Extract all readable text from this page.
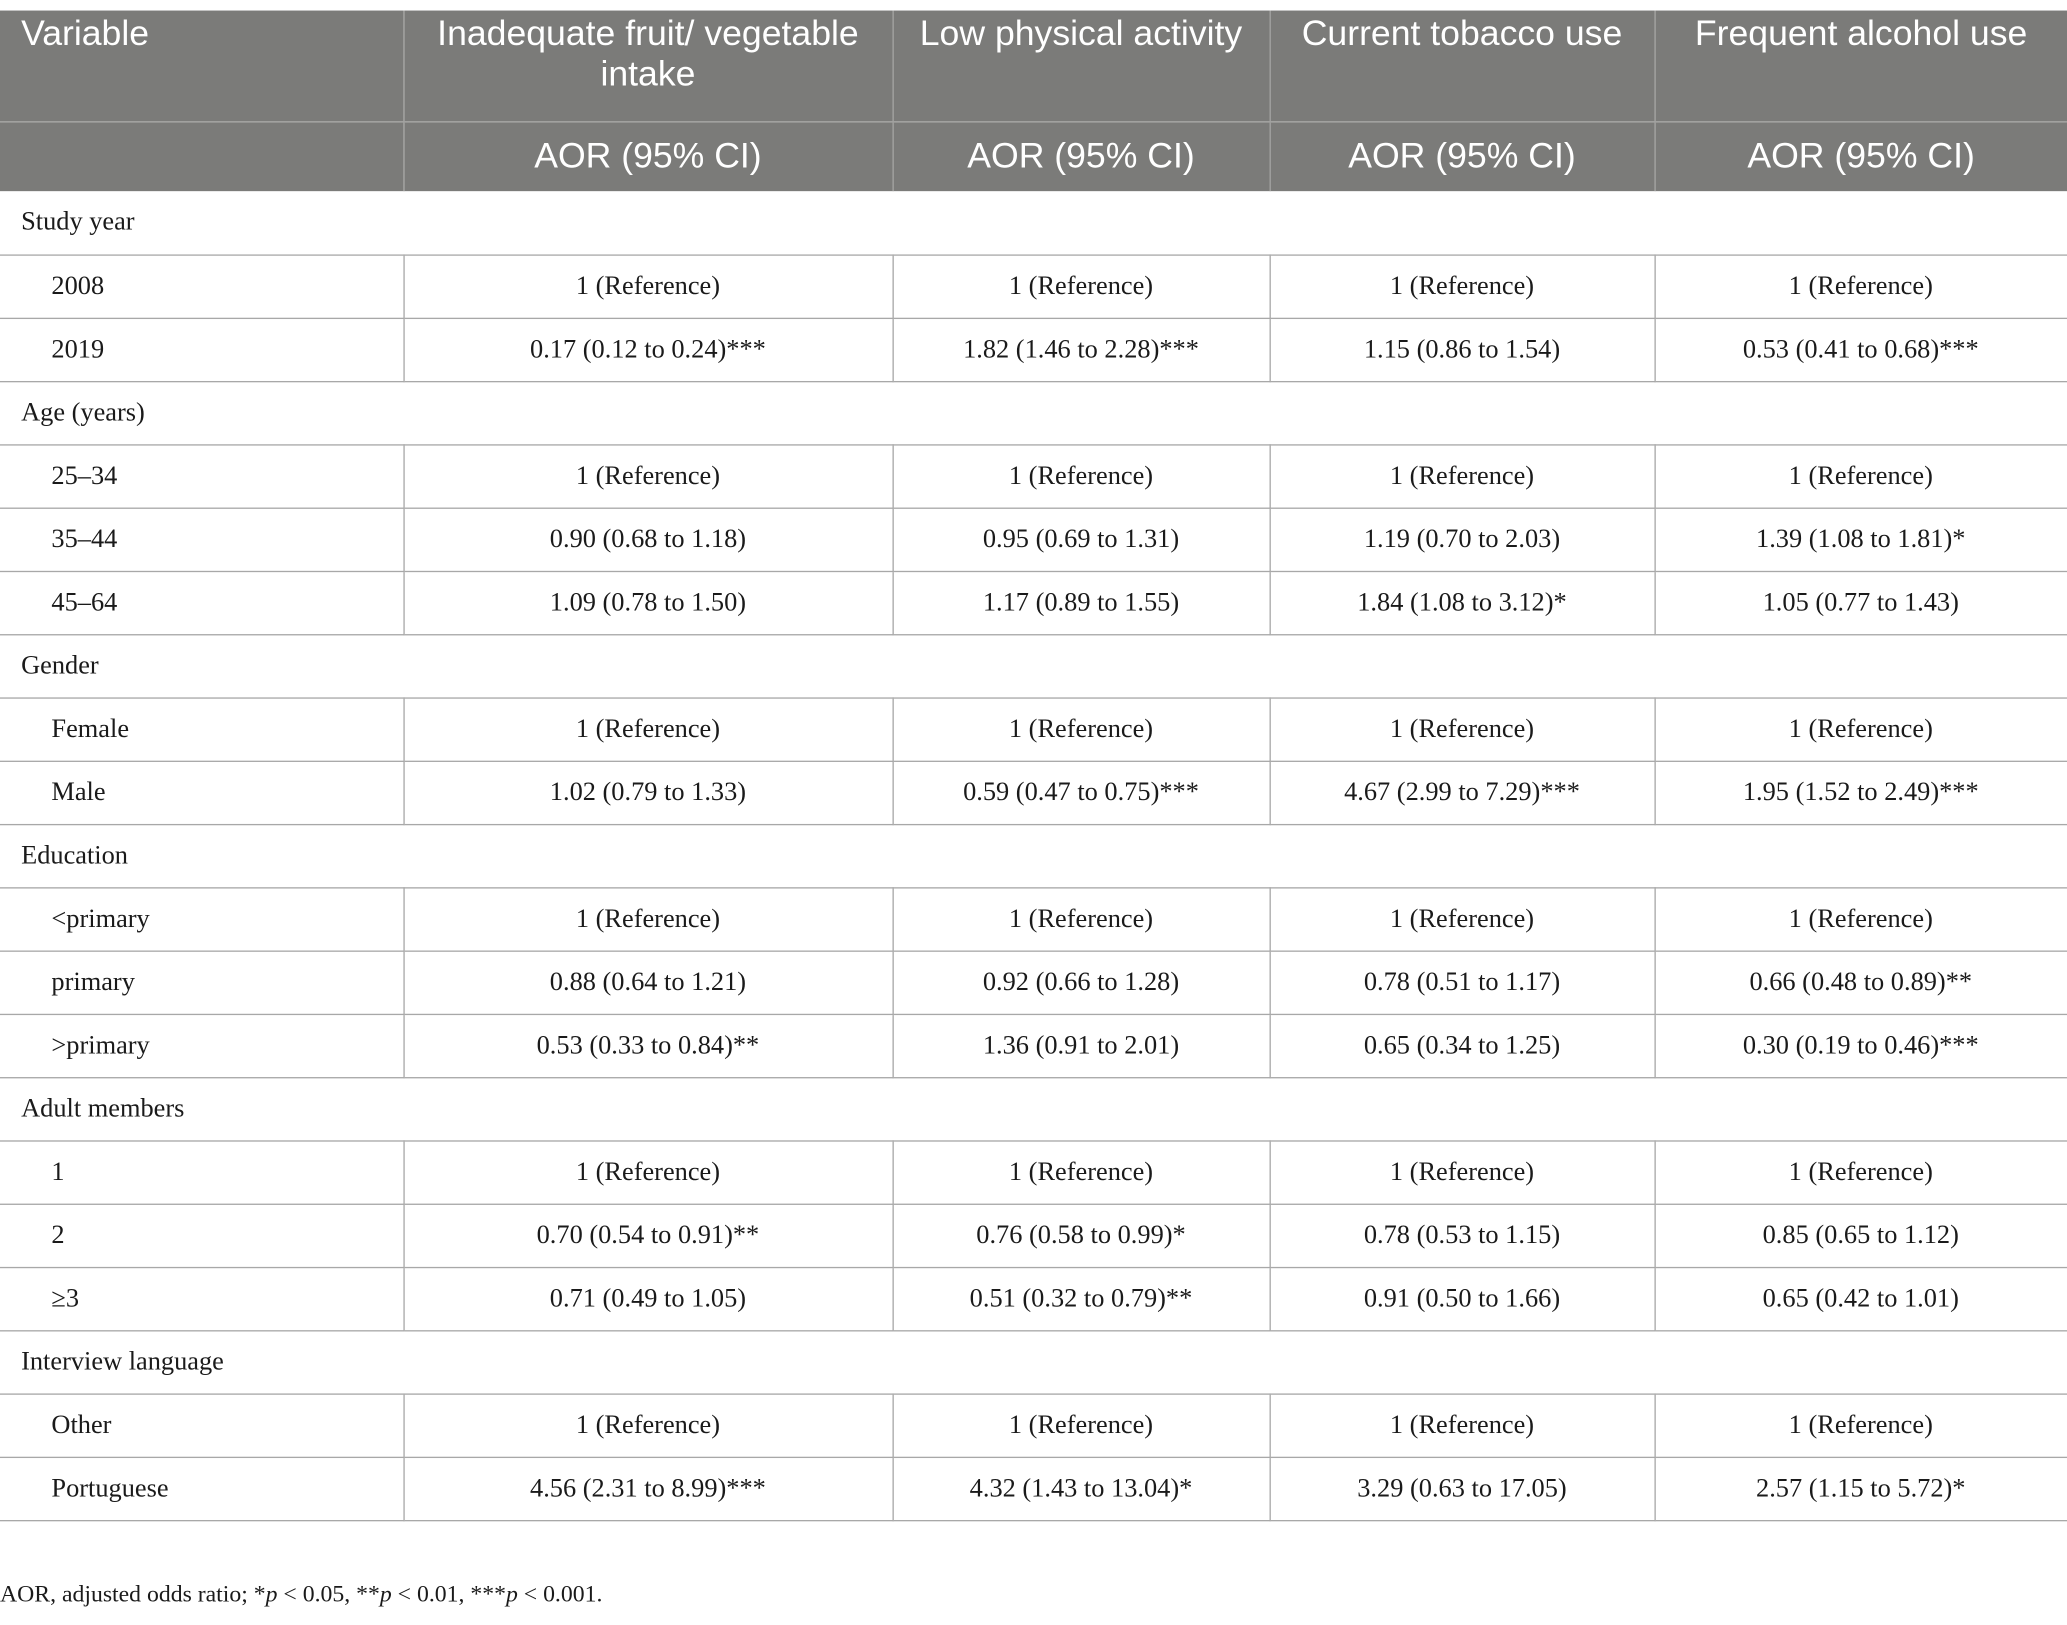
Variable	Inadequate fruit/ vegetable intake	Low physical activity	Current tobacco use	Frequent alcohol use
	AOR (95% CI)	AOR (95% CI)	AOR (95% CI)	AOR (95% CI)
Study year				
2008	1 (Reference)	1 (Reference)	1 (Reference)	1 (Reference)
2019	0.17 (0.12 to 0.24)***	1.82 (1.46 to 2.28)***	1.15 (0.86 to 1.54)	0.53 (0.41 to 0.68)***
Age (years)				
25–34	1 (Reference)	1 (Reference)	1 (Reference)	1 (Reference)
35–44	0.90 (0.68 to 1.18)	0.95 (0.69 to 1.31)	1.19 (0.70 to 2.03)	1.39 (1.08 to 1.81)*
45–64	1.09 (0.78 to 1.50)	1.17 (0.89 to 1.55)	1.84 (1.08 to 3.12)*	1.05 (0.77 to 1.43)
Gender				
Female	1 (Reference)	1 (Reference)	1 (Reference)	1 (Reference)
Male	1.02 (0.79 to 1.33)	0.59 (0.47 to 0.75)***	4.67 (2.99 to 7.29)***	1.95 (1.52 to 2.49)***
Education				
<primary	1 (Reference)	1 (Reference)	1 (Reference)	1 (Reference)
primary	0.88 (0.64 to 1.21)	0.92 (0.66 to 1.28)	0.78 (0.51 to 1.17)	0.66 (0.48 to 0.89)**
>primary	0.53 (0.33 to 0.84)**	1.36 (0.91 to 2.01)	0.65 (0.34 to 1.25)	0.30 (0.19 to 0.46)***
Adult members				
1	1 (Reference)	1 (Reference)	1 (Reference)	1 (Reference)
2	0.70 (0.54 to 0.91)**	0.76 (0.58 to 0.99)*	0.78 (0.53 to 1.15)	0.85 (0.65 to 1.12)
≥3	0.71 (0.49 to 1.05)	0.51 (0.32 to 0.79)**	0.91 (0.50 to 1.66)	0.65 (0.42 to 1.01)
Interview language				
Other	1 (Reference)	1 (Reference)	1 (Reference)	1 (Reference)
Portuguese	4.56 (2.31 to 8.99)***	4.32 (1.43 to 13.04)*	3.29 (0.63 to 17.05)	2.57 (1.15 to 5.72)*
AOR, adjusted odds ratio; *p < 0.05, **p < 0.01, ***p < 0.001.
